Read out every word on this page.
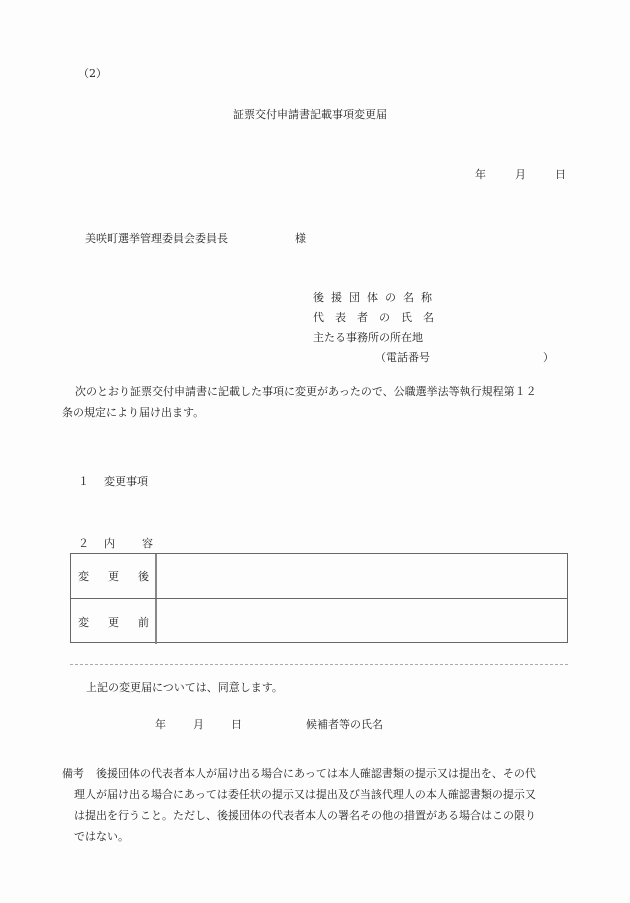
（2）
証票交付申請書記載事項変更届
年	月	日
美咲町選挙管理委員会委員長	様
後援団体の名称
代表者の氏名
主たる事務所の所在地
（電話番号	）
次のとおり証票交付申請書に記載した事項に変更があったので、公職選挙法等執行規程第１２
条の規定により届け出ます。
１ 変更事項
２ 内 容
変 更 後
変 更 前
上記の変更届については、同意します。
年 月 日	候補者等の氏名
備考 後援団体の代表者本人が届け出る場合にあっては本人確認書類の提示又は提出を、その代
理人が届け出る場合にあっては委任状の提示又は提出及び当該代理人の本人確認書類の提示又
は提出を行うこと。ただし、後援団体の代表者本人の署名その他の措置がある場合はこの限り
ではない。
